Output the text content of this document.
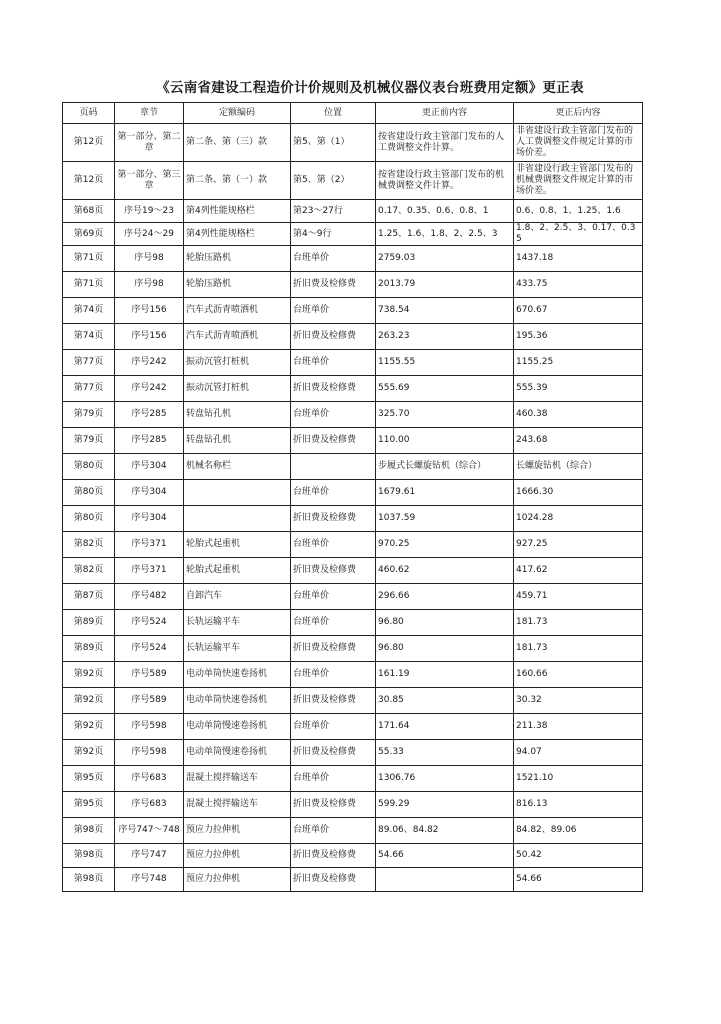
《云南省建设工程造价计价规则及机械仪器仪表台班费用定额》更正表
页码	章节	定额编码	位置	更正前内容	更正后内容
第12页	第一部分、第二章	第二条、第（三）款	第5、第（1）	按省建设行政主管部门发布的人工费调整文件计算。	非省建设行政主管部门发布的人工费调整文件规定计算的市场价差。
第12页	第一部分、第三章	第二条、第（一）款	第5、第（2）	按省建设行政主管部门发布的机械费调整文件计算。	非省建设行政主管部门发布的机械费调整文件规定计算的市场价差。
第68页	序号19～23	第4列性能规格栏	第23～27行	0.17、0.35、0.6、0.8、1	0.6、0.8、1、1.25、1.6
第69页	序号24～29	第4列性能规格栏	第4～9行	1.25、1.6、1.8、2、2.5、3	1.8、2、2.5、3、0.17、0.35
第71页	序号98	轮胎压路机	台班单价	2759.03	1437.18
第71页	序号98	轮胎压路机	折旧费及检修费	2013.79	433.75
第74页	序号156	汽车式沥青喷洒机	台班单价	738.54	670.67
第74页	序号156	汽车式沥青喷洒机	折旧费及检修费	263.23	195.36
第77页	序号242	振动沉管打桩机	台班单价	1155.55	1155.25
第77页	序号242	振动沉管打桩机	折旧费及检修费	555.69	555.39
第79页	序号285	转盘钻孔机	台班单价	325.70	460.38
第79页	序号285	转盘钻孔机	折旧费及检修费	110.00	243.68
第80页	序号304	机械名称栏		步履式长螺旋钻机（综合）	长螺旋钻机（综合）
第80页	序号304		台班单价	1679.61	1666.30
第80页	序号304		折旧费及检修费	1037.59	1024.28
第82页	序号371	轮胎式起重机	台班单价	970.25	927.25
第82页	序号371	轮胎式起重机	折旧费及检修费	460.62	417.62
第87页	序号482	自卸汽车	台班单价	296.66	459.71
第89页	序号524	长轨运输平车	台班单价	96.80	181.73
第89页	序号524	长轨运输平车	折旧费及检修费	96.80	181.73
第92页	序号589	电动单筒快速卷扬机	台班单价	161.19	160.66
第92页	序号589	电动单筒快速卷扬机	折旧费及检修费	30.85	30.32
第92页	序号598	电动单筒慢速卷扬机	台班单价	171.64	211.38
第92页	序号598	电动单筒慢速卷扬机	折旧费及检修费	55.33	94.07
第95页	序号683	混凝土搅拌输送车	台班单价	1306.76	1521.10
第95页	序号683	混凝土搅拌输送车	折旧费及检修费	599.29	816.13
第98页	序号747～748	预应力拉伸机	台班单价	89.06、84.82	84.82、89.06
第98页	序号747	预应力拉伸机	折旧费及检修费	54.66	50.42
第98页	序号748	预应力拉伸机	折旧费及检修费		54.66
